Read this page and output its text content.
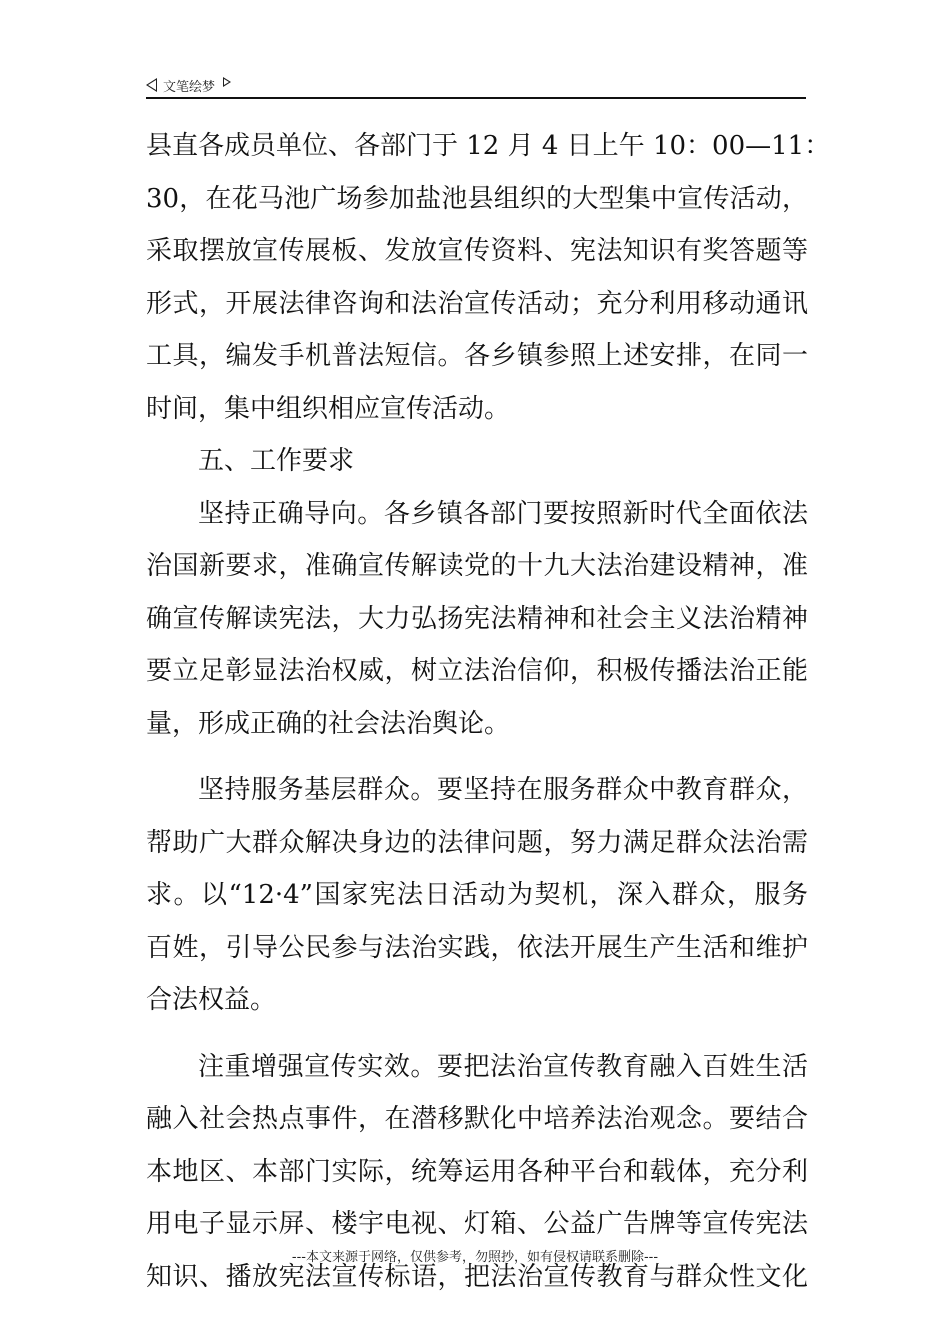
文笔绘梦
县直各成员单位、各部门于 12 月 4 日上午 10：00—11：
30，在花马池广场参加盐池县组织的大型集中宣传活动，
采取摆放宣传展板、发放宣传资料、宪法知识有奖答题等
形式，开展法律咨询和法治宣传活动；充分利用移动通讯
工具，编发手机普法短信。各乡镇参照上述安排，在同一
时间，集中组织相应宣传活动。
五、工作要求
坚持正确导向。各乡镇各部门要按照新时代全面依法
治国新要求，准确宣传解读党的十九大法治建设精神，准
确宣传解读宪法，大力弘扬宪法精神和社会主义法治精神
要立足彰显法治权威，树立法治信仰，积极传播法治正能
量，形成正确的社会法治舆论。
坚持服务基层群众。要坚持在服务群众中教育群众，
帮助广大群众解决身边的法律问题，努力满足群众法治需
求。以“12·4”国家宪法日活动为契机，深入群众，服务
百姓，引导公民参与法治实践，依法开展生产生活和维护
合法权益。
注重增强宣传实效。要把法治宣传教育融入百姓生活
融入社会热点事件，在潜移默化中培养法治观念。要结合
本地区、本部门实际，统筹运用各种平台和载体，充分利
用电子显示屏、楼宇电视、灯箱、公益广告牌等宣传宪法
知识、播放宪法宣传标语，把法治宣传教育与群众性文化
---本文来源于网络，仅供参考，勿照抄，如有侵权请联系删除---
